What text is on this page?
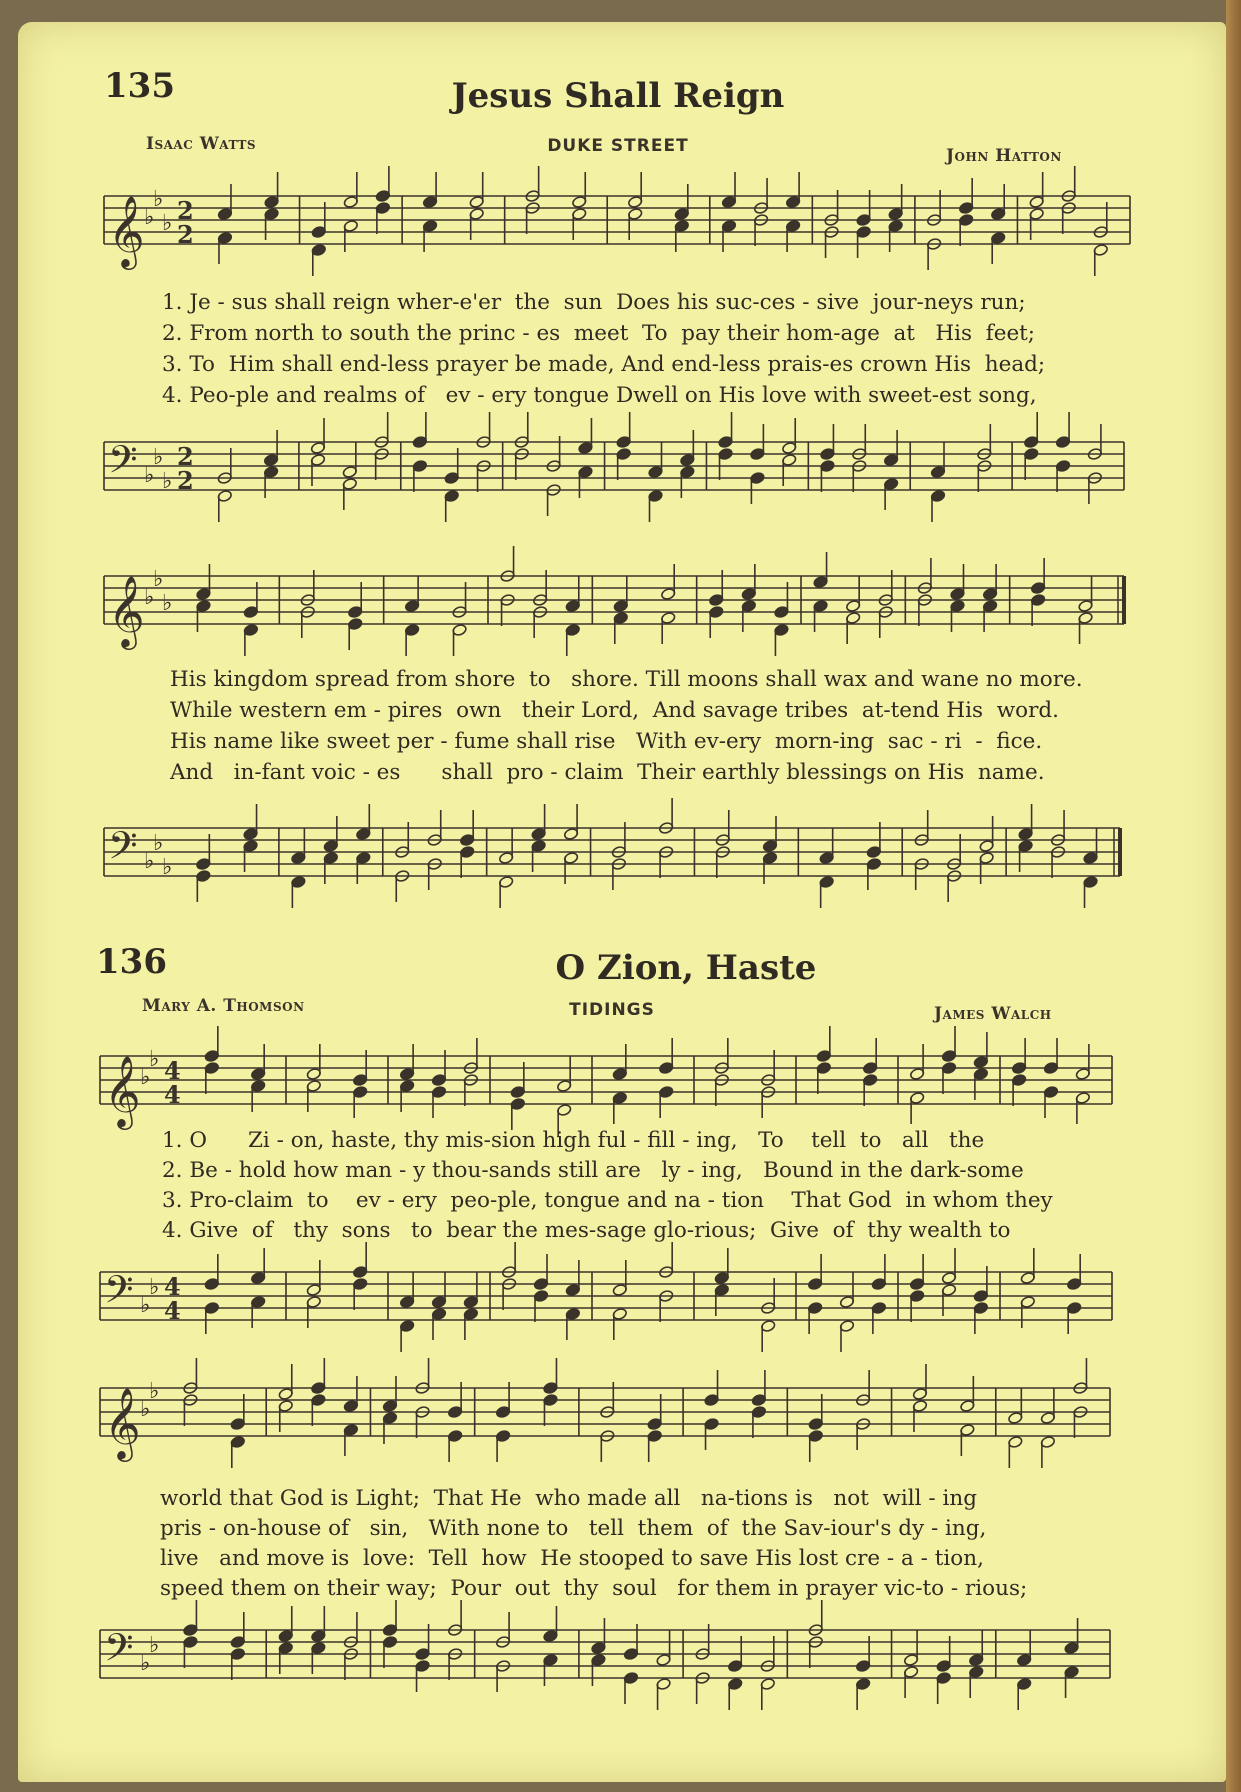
135	Jesus Shall Reign
Isaac Watts	DUKE STREET	John Hatton
𝄞 ♭
♭
♭ 2
2
1. Je - sus shall reign wher-e'er  the  sun  Does his suc-ces - sive  jour-neys run;
2. From north to south the princ - es  meet  To  pay their hom-age  at   His  feet;
3. To  Him shall end-less prayer be made, And end-less prais-es crown His  head;
4. Peo-ple and realms of   ev - ery tongue Dwell on His love with sweet-est song,
𝄢 ♭
♭
♭
2
2
𝄞 ♭
♭
♭
His kingdom spread from shore  to   shore. Till moons shall wax and wane no more.
While western em - pires  own   their Lord,  And savage tribes  at-tend His  word.
His name like sweet per - fume shall rise   With ev-ery  morn-ing  sac - ri  -  fice.
And   in-fant voic - es      shall  pro - claim  Their earthly blessings on His  name.
𝄢 ♭
♭
♭
136	O Zion, Haste
Mary A. Thomson	TIDINGS	James Walch
𝄞 ♭
♭ 4
4
1. O      Zi - on, haste, thy mis-sion high ful - fill - ing,   To    tell  to   all   the
2. Be - hold how man - y thou-sands still are   ly - ing,   Bound in the dark-some
3. Pro-claim  to    ev - ery  peo-ple, tongue and na - tion    That God  in whom they
4. Give  of   thy  sons   to  bear the mes-sage glo-rious;  Give  of  thy wealth to
𝄢 ♭
♭ 4
4
𝄞 ♭
♭
world that God is Light;  That He  who made all   na-tions is   not  will - ing
pris - on-house of   sin,   With none to   tell  them  of  the Sav-iour's dy - ing,
live   and move is  love:  Tell  how  He stooped to save His lost cre - a - tion,
speed them on their way;  Pour  out  thy  soul   for them in prayer vic-to - rious;
𝄢 ♭
♭
